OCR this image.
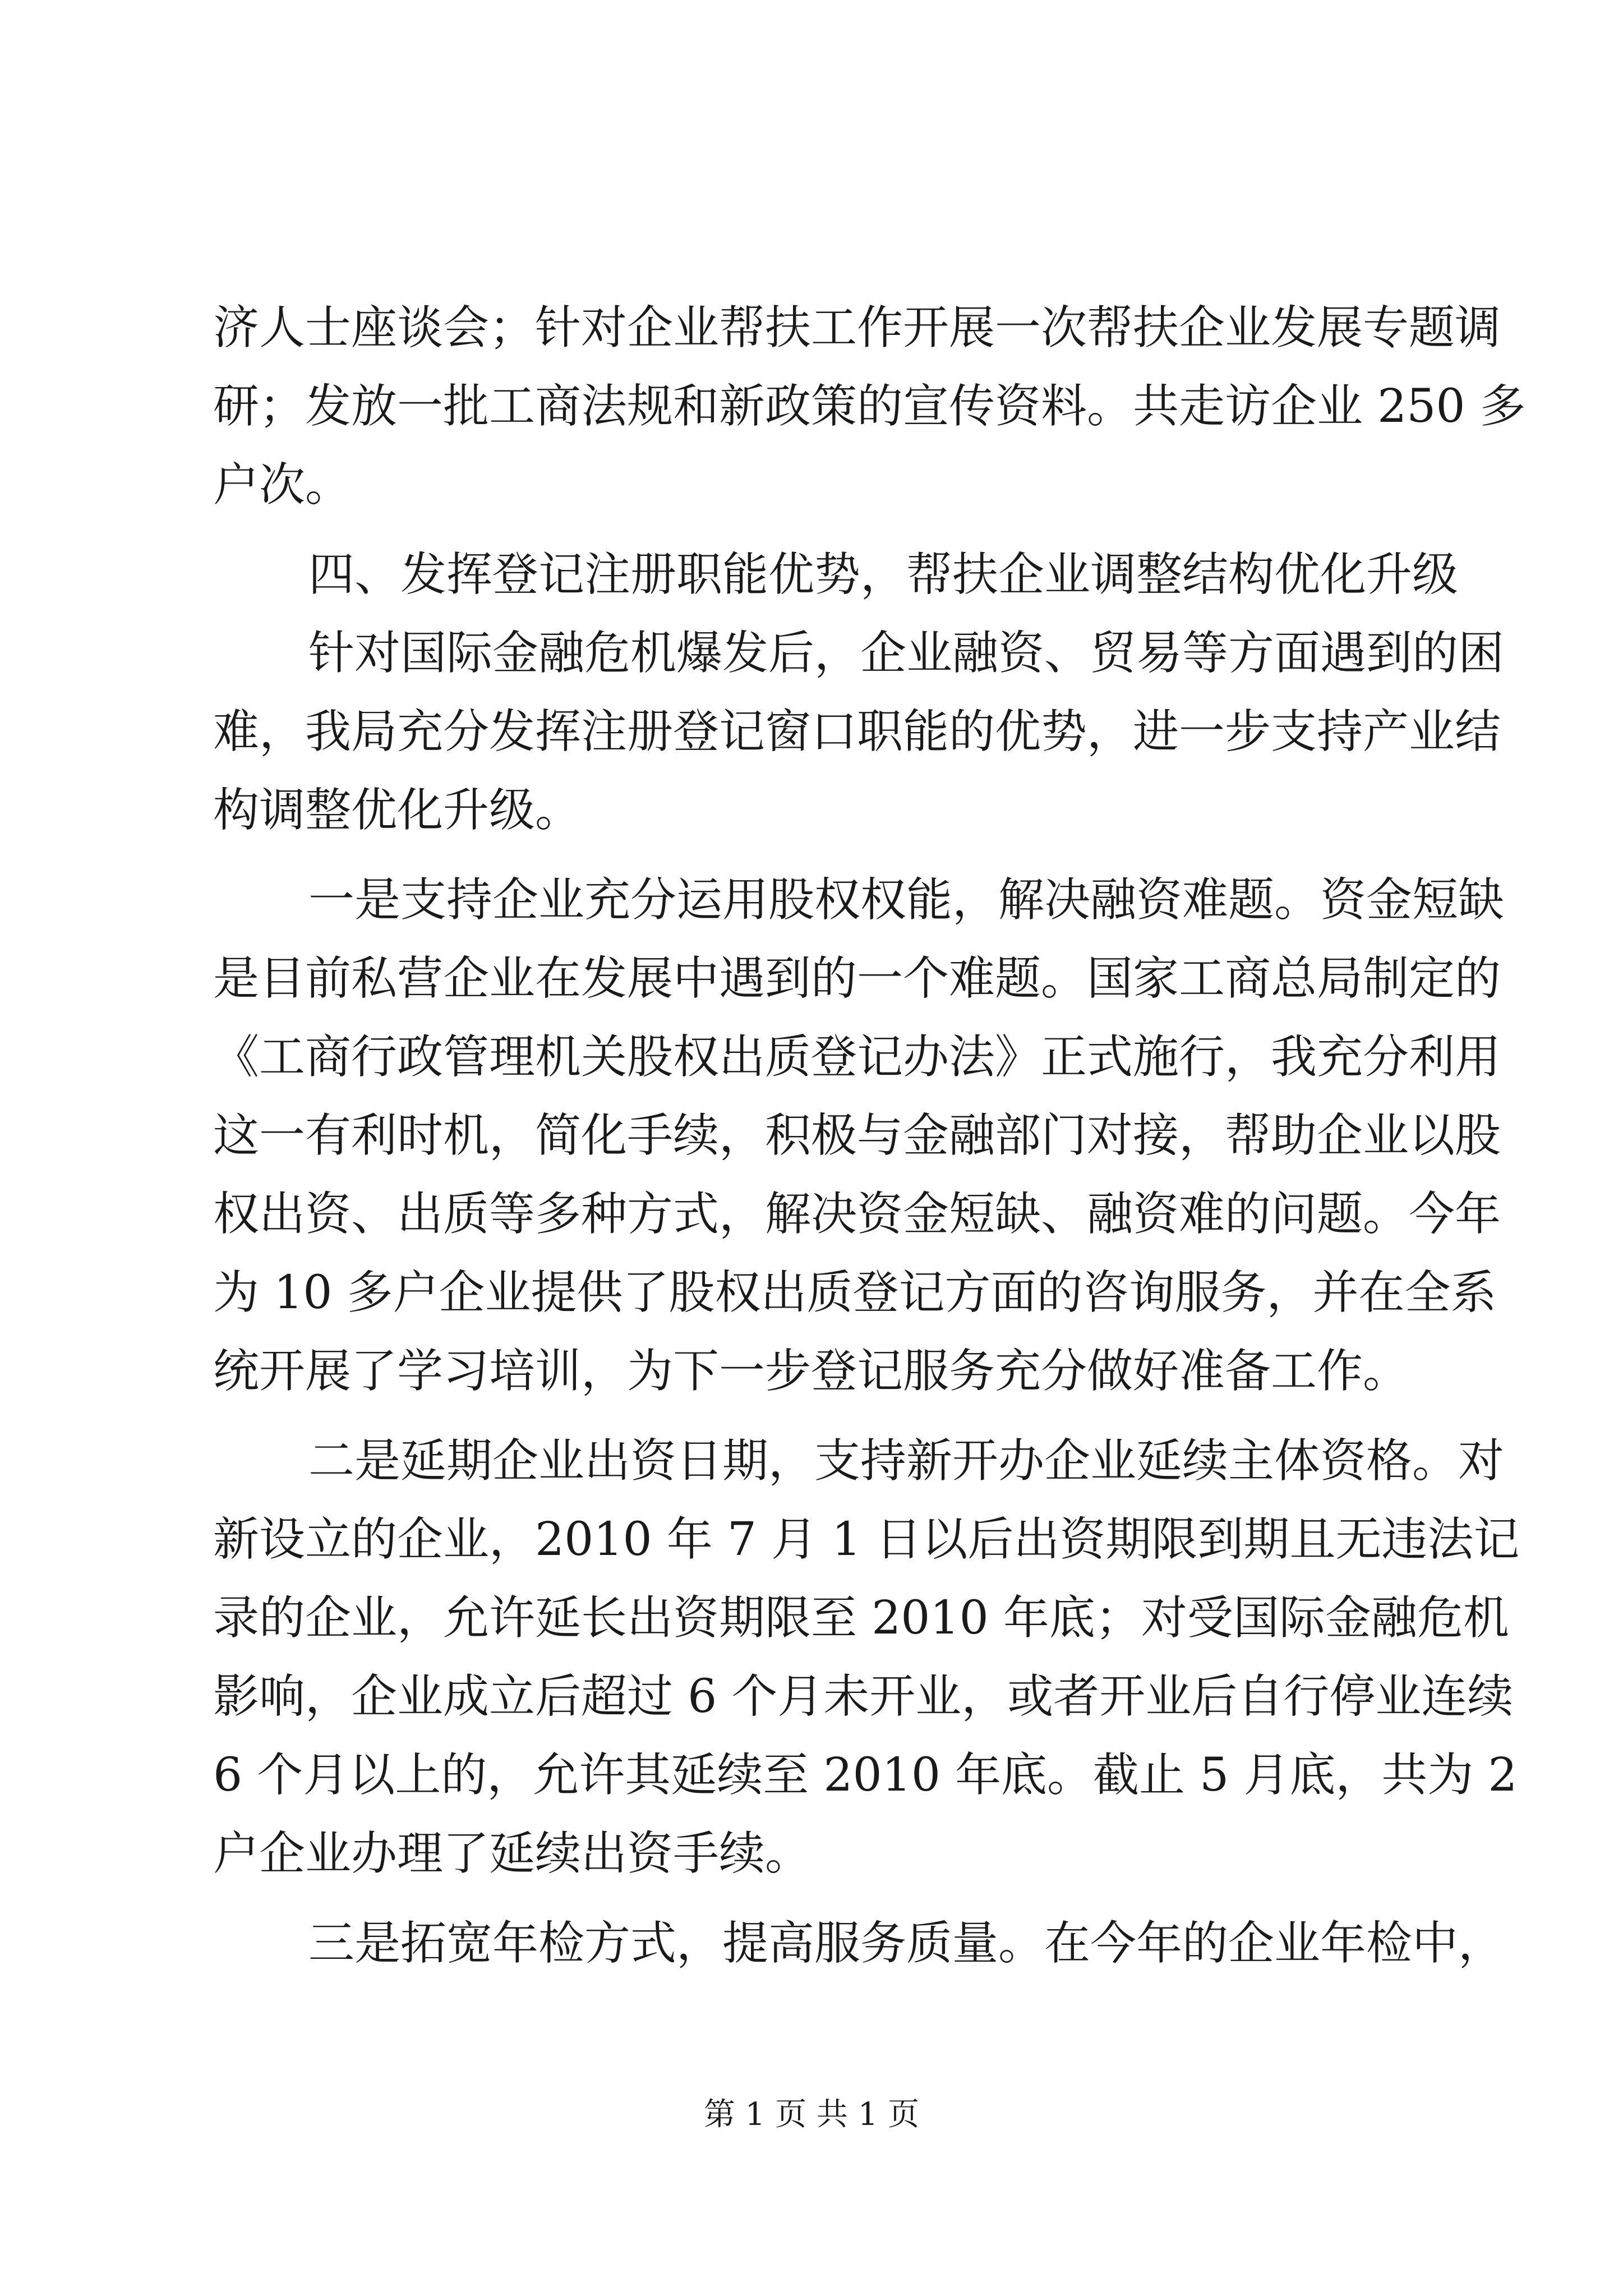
济人士座谈会；针对企业帮扶工作开展一次帮扶企业发展专题调

研；发放一批工商法规和新政策的宣传资料。共走访企业 250 多

户次。

四、发挥登记注册职能优势，帮扶企业调整结构优化升级

针对国际金融危机爆发后，企业融资、贸易等方面遇到的困

难，我局充分发挥注册登记窗口职能的优势，进一步支持产业结

构调整优化升级。

一是支持企业充分运用股权权能，解决融资难题。资金短缺

是目前私营企业在发展中遇到的一个难题。国家工商总局制定的

《工商行政管理机关股权出质登记办法》正式施行，我充分利用

这一有利时机，简化手续，积极与金融部门对接，帮助企业以股

权出资、出质等多种方式，解决资金短缺、融资难的问题。今年

为 10 多户企业提供了股权出质登记方面的咨询服务，并在全系

统开展了学习培训，为下一步登记服务充分做好准备工作。

二是延期企业出资日期，支持新开办企业延续主体资格。对

新设立的企业，2010 年 7 月 1 日以后出资期限到期且无违法记

录的企业，允许延长出资期限至 2010 年底；对受国际金融危机

影响，企业成立后超过 6 个月未开业，或者开业后自行停业连续

6 个月以上的，允许其延续至 2010 年底。截止 5 月底，共为 2

户企业办理了延续出资手续。

三是拓宽年检方式，提高服务质量。在今年的企业年检中，

第 1 页 共 1 页
